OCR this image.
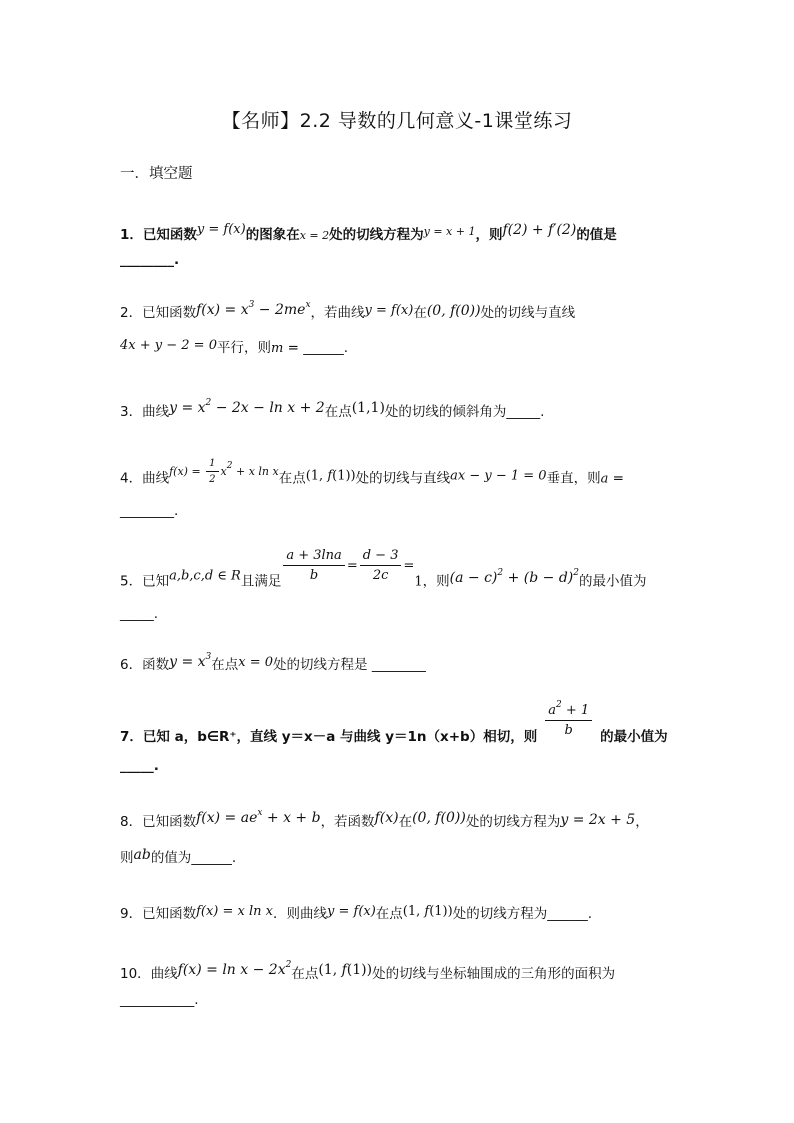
【名师】2.2 导数的几何意义-1课堂练习
一．填空题
1．已知函数y = f(x)的图象在x = 2处的切线方程为$^{y = x + 1}$，则f(2) + f′(2)的值是
________.
2．已知函数$f(x) = x^3 - 2me^x$，若曲线y = f(x)在(0, f(0))处的切线与直线
4x + y − 2 = 0平行，则m = ______.
3．曲线$y = x^2 - 2x - \ln x + 2$在点(1,1)处的切线的倾斜角为_____.
4．曲线$^{f(x) = \frac{1}{2} x^2 + x ln x}$在点(1, f(1))处的切线与直线ax − y − 1 = 0垂直，则a =
________.
5．已知a,b,c,d ∈ R且满足 $\frac{a + 3\ln a}{b} = \frac{d - 3}{2c} =1$，则$(a - c)^2 + (b - d)^2$的最小值为
_____.
6．函数$y = x^3$在点x = 0处的切线方程是 ________
7．已知 a，b∈R⁺，直线 y＝x－a 与曲线 y＝1n（x+b）相切，则 $\frac{a^2 + 1}{b}$ 的最小值为
_____.
8．已知函数$f(x) = ae^x + x + b$，若函数f(x)在(0, f(0))处的切线方程为y = 2x + 5，
则ab的值为______.
9．已知函数f(x) = x ln x．则曲线y = f(x)在点(1, f(1))处的切线方程为______.
10．曲线$f(x) = \ln x - 2x^2$在点(1, f(1))处的切线与坐标轴围成的三角形的面积为
___________.
